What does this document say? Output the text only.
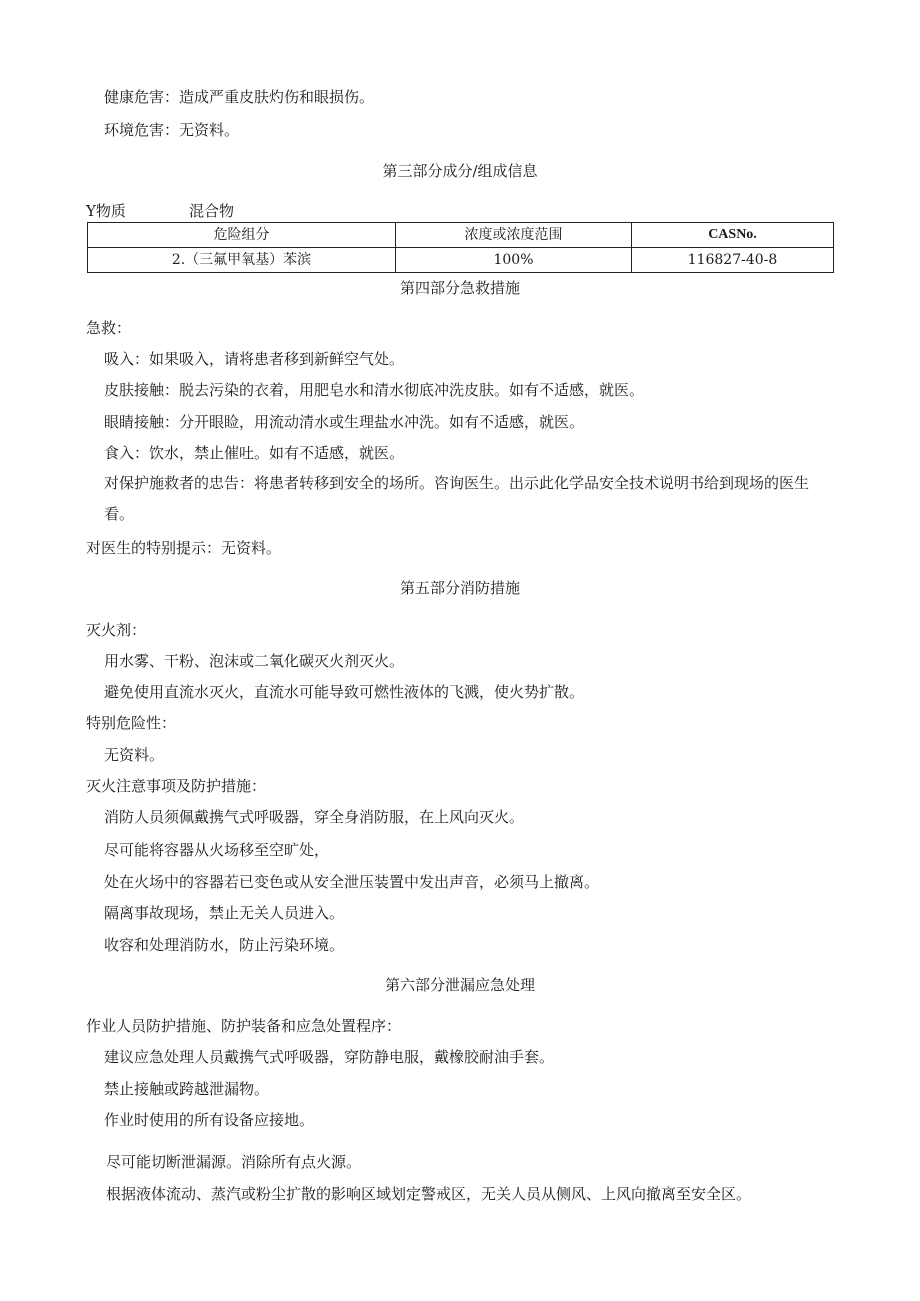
健康危害：造成严重皮肤灼伤和眼损伤。
环境危害：无资料。
第三部分成分/组成信息
Y物质	混合物
危险组分	浓度或浓度范围	CASNo.
2.（三氟甲氧基）苯滨	100%	116827-40-8
第四部分急救措施
急救：
吸入：如果吸入，请将患者移到新鲜空气处。
皮肤接触：脱去污染的衣着，用肥皂水和清水彻底冲洗皮肤。如有不适感，就医。
眼睛接触：分开眼睑，用流动清水或生理盐水冲洗。如有不适感，就医。
食入：饮水，禁止催吐。如有不适感，就医。
对保护施救者的忠告：将患者转移到安全的场所。咨询医生。出示此化学品安全技术说明书给到现场的医生看。
对医生的特别提示：无资料。
第五部分消防措施
灭火剂：
用水雾、干粉、泡沫或二氧化碳灭火剂灭火。
避免使用直流水灭火，直流水可能导致可燃性液体的飞溅，使火势扩散。
特别危险性：
无资料。
灭火注意事项及防护措施：
消防人员须佩戴携气式呼吸器，穿全身消防服，在上风向灭火。
尽可能将容器从火场移至空旷处，
处在火场中的容器若已变色或从安全泄压装置中发出声音，必须马上撤离。
隔离事故现场，禁止无关人员进入。
收容和处理消防水，防止污染环境。
第六部分泄漏应急处理
作业人员防护措施、防护装备和应急处置程序：
建议应急处理人员戴携气式呼吸器，穿防静电服，戴橡胶耐油手套。
禁止接触或跨越泄漏物。
作业时使用的所有设备应接地。
尽可能切断泄漏源。消除所有点火源。
根据液体流动、蒸汽或粉尘扩散的影响区域划定警戒区，无关人员从侧风、上风向撤离至安全区。
